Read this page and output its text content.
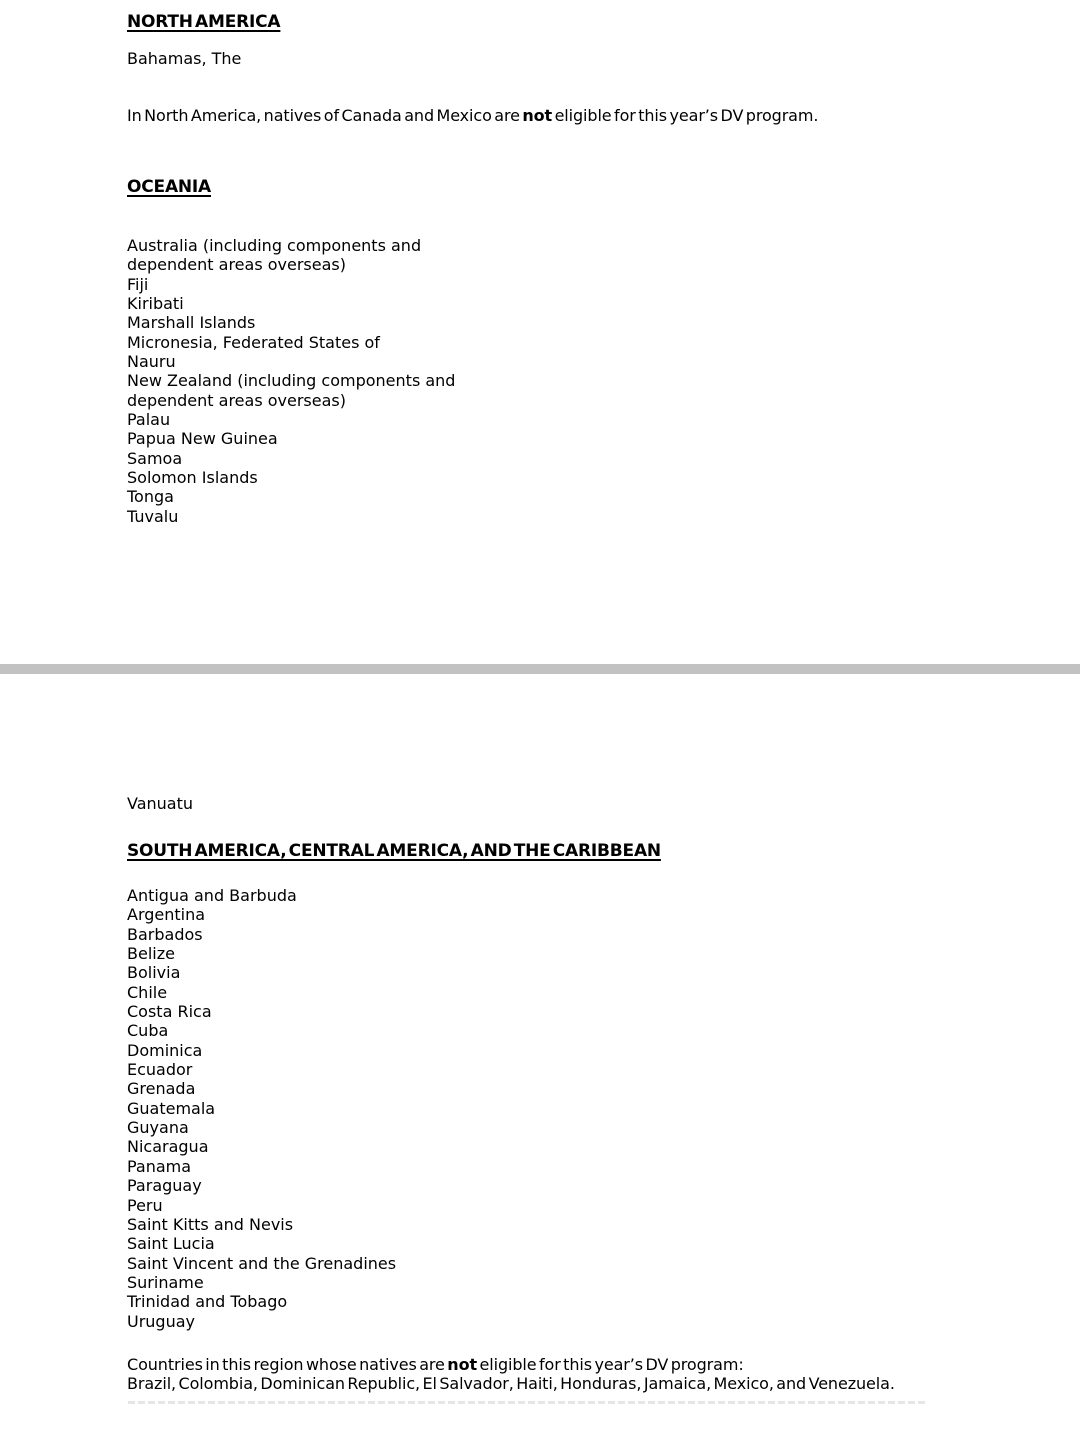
NORTH AMERICA
Bahamas, The
In North America, natives of Canada and Mexico are not eligible for this year’s DV program.
OCEANIA
Australia (including components and dependent areas overseas)
Fiji
Kiribati
Marshall Islands
Micronesia, Federated States of
Nauru
New Zealand (including components and dependent areas overseas)
Palau
Papua New Guinea
Samoa
Solomon Islands
Tonga
Tuvalu
Vanuatu
SOUTH AMERICA, CENTRAL AMERICA, AND THE CARIBBEAN
Antigua and Barbuda
Argentina
Barbados
Belize
Bolivia
Chile
Costa Rica
Cuba
Dominica
Ecuador
Grenada
Guatemala
Guyana
Nicaragua
Panama
Paraguay
Peru
Saint Kitts and Nevis
Saint Lucia
Saint Vincent and the Grenadines
Suriname
Trinidad and Tobago
Uruguay
Countries in this region whose natives are not eligible for this year’s DV program:
Brazil, Colombia, Dominican Republic, El Salvador, Haiti, Honduras, Jamaica, Mexico, and Venezuela.
